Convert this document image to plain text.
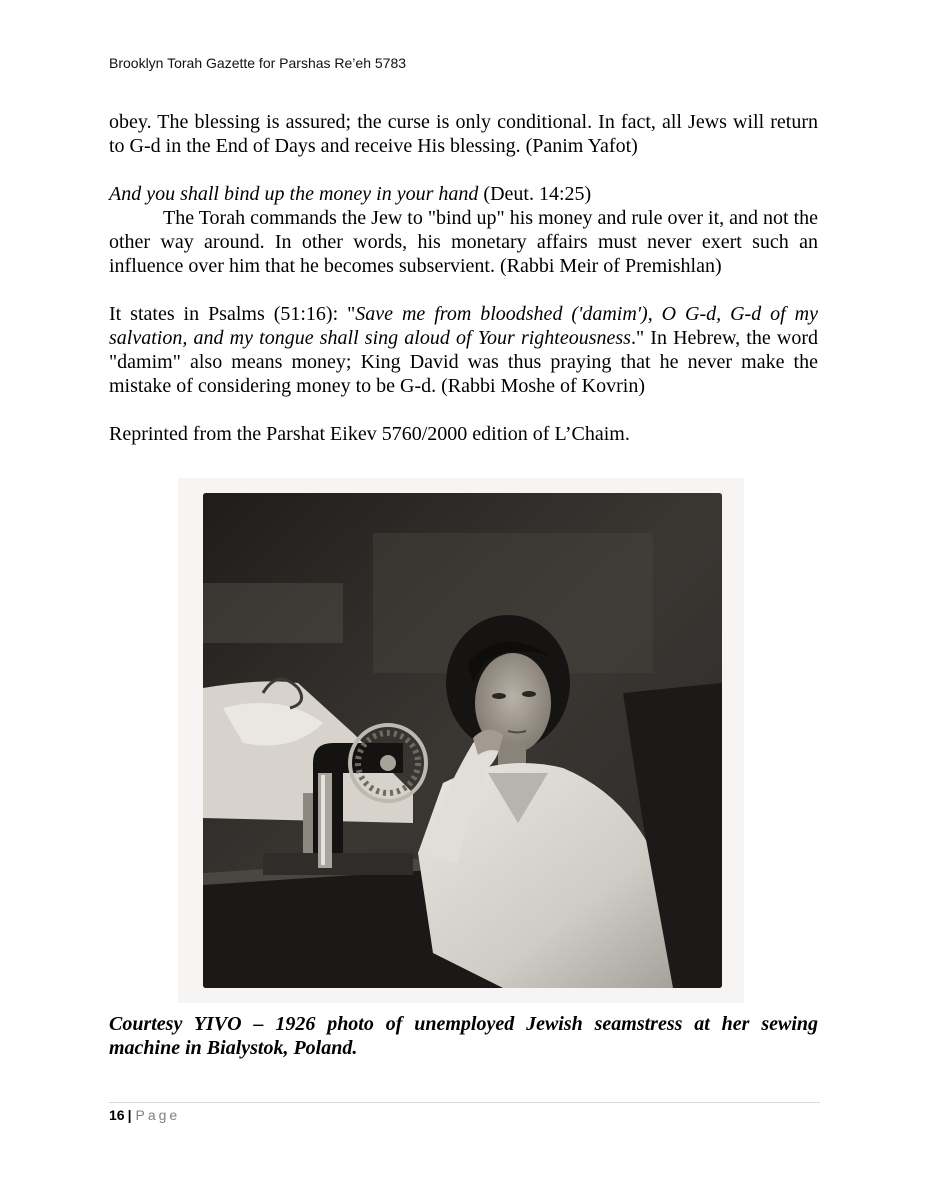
Brooklyn Torah Gazette for Parshas Re’eh 5783

obey. The blessing is assured; the curse is only conditional. In fact, all Jews will return to G-d in the End of Days and receive His blessing. (Panim Yafot)

And you shall bind up the money in your hand (Deut. 14:25)

The Torah commands the Jew to "bind up" his money and rule over it, and not the other way around. In other words, his monetary affairs must never exert such an influence over him that he becomes subservient. (Rabbi Meir of Premishlan)

It states in Psalms (51:16): "Save me from bloodshed ('damim'), O G-d, G-d of my salvation, and my tongue shall sing aloud of Your righteousness." In Hebrew, the word "damim" also means money; King David was thus praying that he never make the mistake of considering money to be G-d. (Rabbi Moshe of Kovrin)

Reprinted from the Parshat Eikev 5760/2000 edition of L’Chaim.

Courtesy YIVO – 1926 photo of unemployed Jewish seamstress at her sewing
machine in Bialystok, Poland.
16 | Page
